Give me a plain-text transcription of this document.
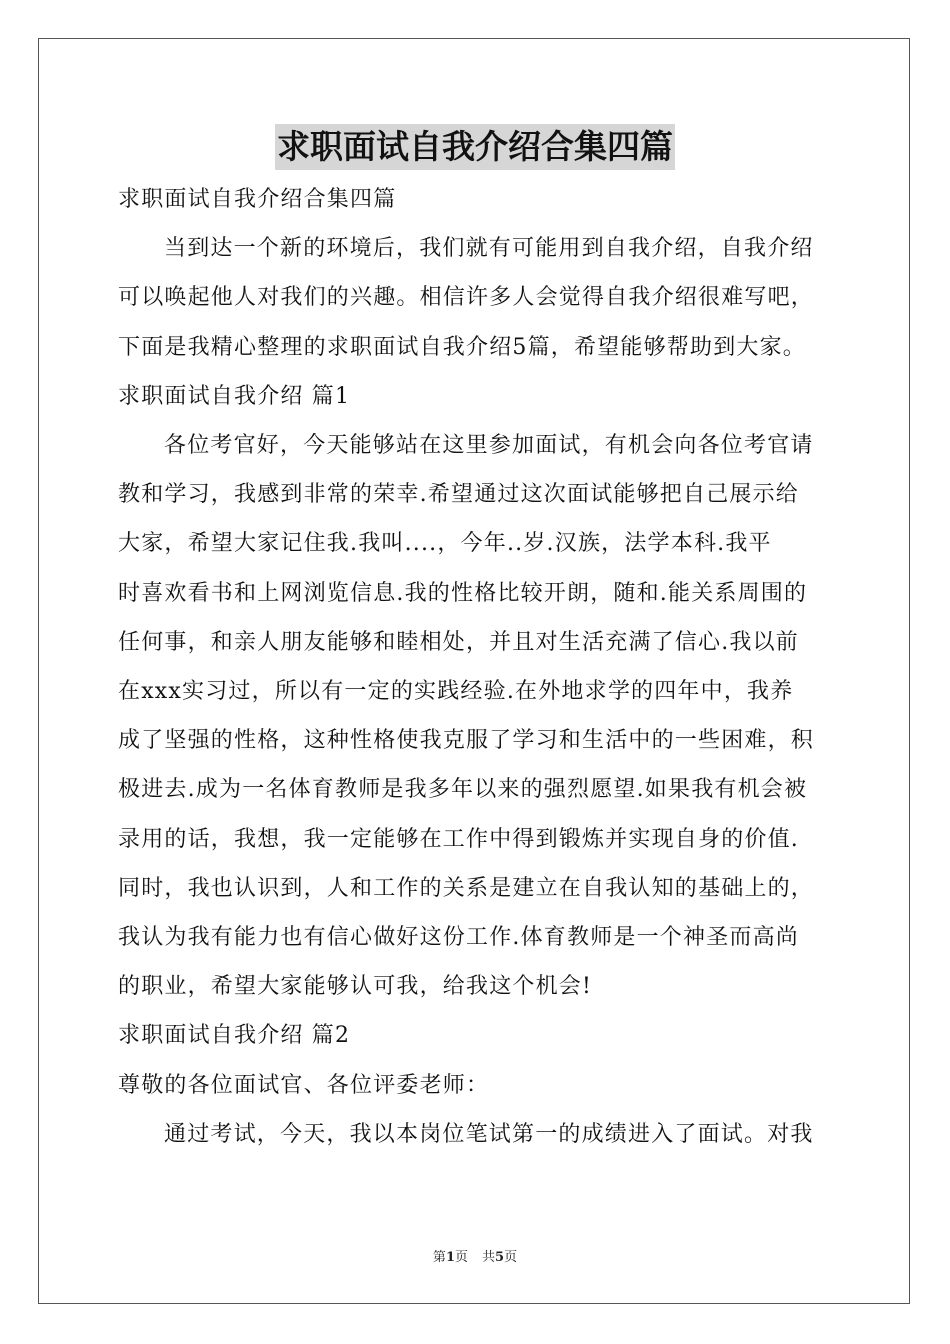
求职面试自我介绍合集四篇

求职面试自我介绍合集四篇

当到达一个新的环境后，我们就有可能用到自我介绍，自我介绍

可以唤起他人对我们的兴趣。相信许多人会觉得自我介绍很难写吧，

下面是我精心整理的求职面试自我介绍5篇，希望能够帮助到大家。

求职面试自我介绍 篇1

各位考官好，今天能够站在这里参加面试，有机会向各位考官请

教和学习，我感到非常的荣幸.希望通过这次面试能够把自己展示给

大家，希望大家记住我.我叫....，今年..岁.汉族，法学本科.我平

时喜欢看书和上网浏览信息.我的性格比较开朗，随和.能关系周围的

任何事，和亲人朋友能够和睦相处，并且对生活充满了信心.我以前

在xxx实习过，所以有一定的实践经验.在外地求学的四年中，我养

成了坚强的性格，这种性格使我克服了学习和生活中的一些困难，积

极进去.成为一名体育教师是我多年以来的强烈愿望.如果我有机会被

录用的话，我想，我一定能够在工作中得到锻炼并实现自身的价值.

同时，我也认识到，人和工作的关系是建立在自我认知的基础上的，

我认为我有能力也有信心做好这份工作.体育教师是一个神圣而高尚

的职业，希望大家能够认可我，给我这个机会!

求职面试自我介绍 篇2

尊敬的各位面试官、各位评委老师：

通过考试，今天，我以本岗位笔试第一的成绩进入了面试。对我

第1页 共5页
